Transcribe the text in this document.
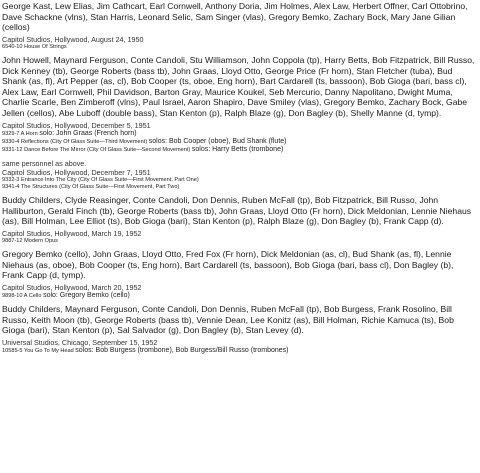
George Kast, Lew Elias, Jim Cathcart, Earl Cornwell, Anthony Doria, Jim Holmes, Alex Law, Herbert Offner, Carl Ottobrino, Dave Schackne (vlns), Stan Harris, Leonard Selic, Sam Singer (vlas), Gregory Bemko, Zachary Bock, Mary Jane Gilian (cellos)

Capitol Studios, Hollywood, August 24, 1950

6540-10 House Of Strings

John Howell, Maynard Ferguson, Conte Candoli, Stu Williamson, John Coppola (tp), Harry Betts, Bob Fitzpatrick, Bill Russo, Dick Kenney (tb), George Roberts (bass tb), John Graas, Lloyd Otto, George Price (Fr horn), Stan Fletcher (tuba), Bud Shank (as, fl), Art Pepper (as, cl), Bob Cooper (ts, oboe, Eng horn), Bart Cardarell (ts, bassoon), Bob Gioga (bari, bass cl), Alex Law, Earl Cornwell, Phil Davidson, Barton Gray, Maurice Koukel, Seb Mercurio, Danny Napolitano, Dwight Muma, Charlie Scarle, Ben Zimberoff (vlns), Paul Israel, Aaron Shapiro, Dave Smiley (vlas), Gregory Bemko, Zachary Bock, Gabe Jellen (cellos), Abe Luboff (double bass), Stan Kenton (p), Ralph Blaze (g), Don Bagley (b), Shelly Manne (d, tymp).

Capitol Studios, Hollywood, December 5, 1951

9329-7 A Horn solo: John Graas (French horn)

9330-4 Reflections (City Of Glass Suite—Third Movement) solos: Bob Cooper (oboe), Bud Shank (flute)

9331-12 Dance Before The Mirror (City Of Glass Suite—Second Movement) solos: Harry Betts (trombone)

same personnel as above.

Capitol Studios, Hollywood, December 7, 1951

9332-3 Entrance Into The City (City Of Glass Suite—First Movement, Part One)

9341-4 The Structures (City Of Glass Suite—First Movement, Part Two)

Buddy Childers, Clyde Reasinger, Conte Candoli, Don Dennis, Ruben McFall (tp), Bob Fitzpatrick, Bill Russo, John Halliburton, Gerald Finch (tb), George Roberts (bass tb), John Graas, Lloyd Otto (Fr horn), Dick Meldonian, Lennie Niehaus (as), Bill Holman, Lee Elliot (ts), Bob Gioga (bari), Stan Kenton (p), Ralph Blaze (g), Don Bagley (b), Frank Capp (d).

Capitol Studios, Hollywood, March 19, 1952

9887-12 Modern Opus

Gregory Bemko (cello), John Graas, Lloyd Otto, Fred Fox (Fr horn), Dick Meldonian (as, cl), Bud Shank (as, fl), Lennie Niehaus (as, oboe), Bob Cooper (ts, Eng horn), Bart Cardarell (ts, bassoon), Bob Gioga (bari, bass cl), Don Bagley (b), Frank Capp (d, tymp).

Capitol Studios, Hollywood, March 20, 1952

9898-10 A Cello solo: Gregory Bemko (cello)

Buddy Childers, Maynard Ferguson, Conte Candoli, Don Dennis, Ruben McFall (tp), Bob Burgess, Frank Rosolino, Bill Russo, Keith Moon (tb), George Roberts (bass tb), Vennie Dean, Lee Konitz (as), Bill Holman, Richie Kamuca (ts), Bob Gioga (bari), Stan Kenton (p), Sal Salvador (g), Don Bagley (b), Stan Levey (d).

Universal Studios, Chicago, September 15, 1952

10585-5 You Go To My Head solos: Bob Burgess (trombone), Bob Burgess/Bill Russo (trombones)
